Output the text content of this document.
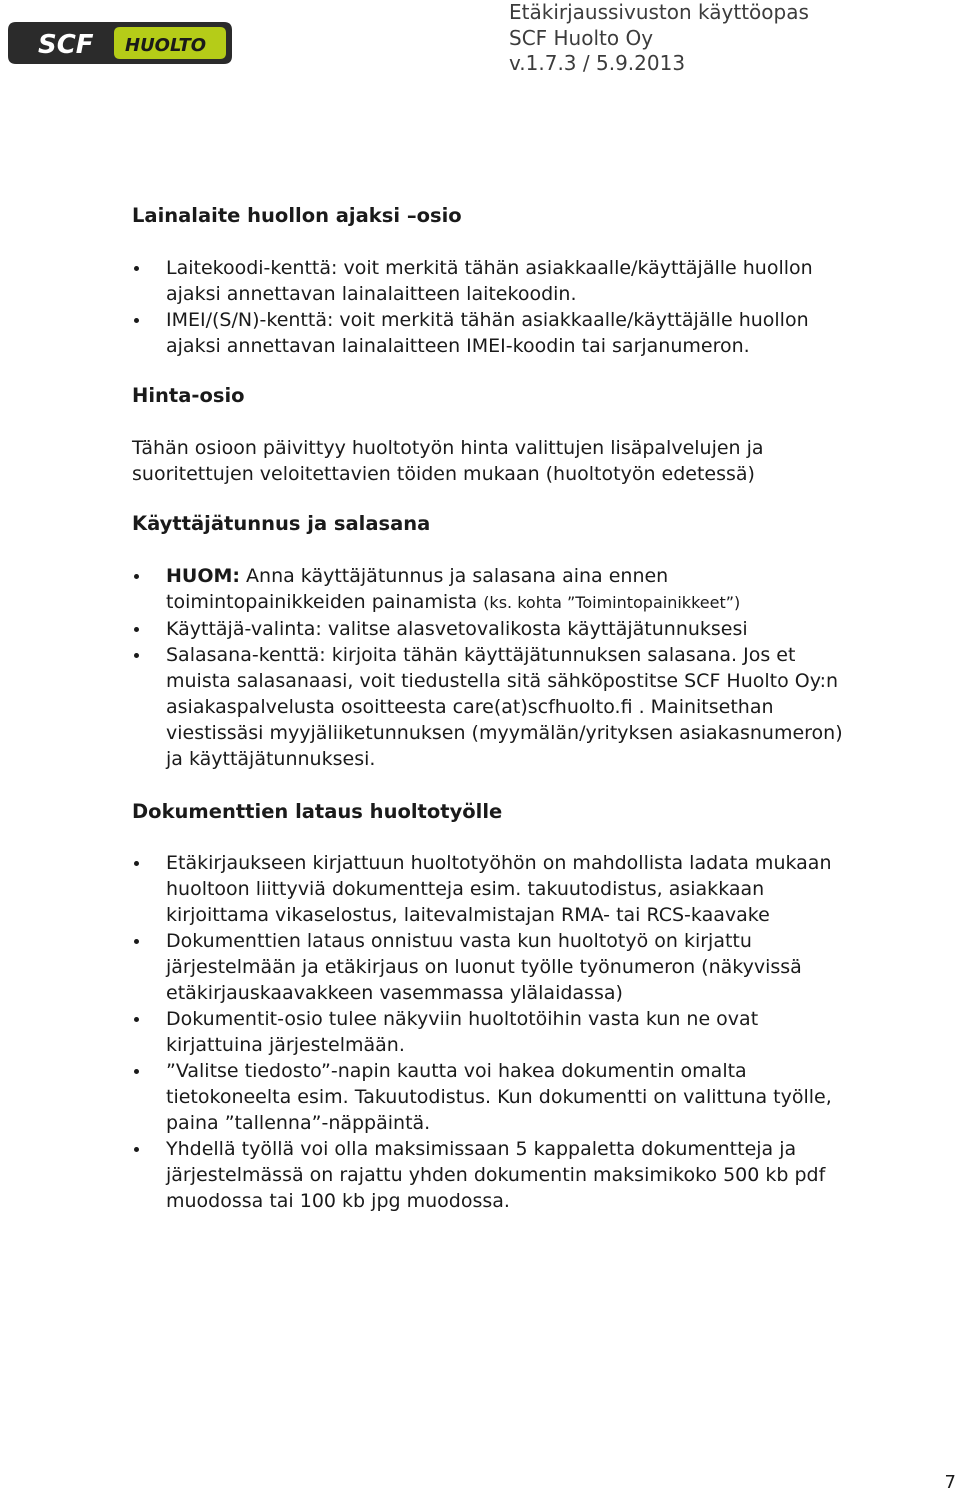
SCF HUOLTO
Etäkirjaussivuston käyttöopas
SCF Huolto Oy
v.1.7.3 / 5.9.2013
Lainalaite huollon ajaksi –osio
Laitekoodi-kenttä: voit merkitä tähän asiakkaalle/käyttäjälle huollon
ajaksi annettavan lainalaitteen laitekoodin.
IMEI/(S/N)-kenttä: voit merkitä tähän asiakkaalle/käyttäjälle huollon
ajaksi annettavan lainalaitteen IMEI-koodin tai sarjanumeron.
Hinta-osio

Tähän osioon päivittyy huoltotyön hinta valittujen lisäpalvelujen ja
suoritettujen veloitettavien töiden mukaan (huoltotyön edetessä)

Käyttäjätunnus ja salasana
HUOM: Anna käyttäjätunnus ja salasana aina ennen
toimintopainikkeiden painamista (ks. kohta ”Toimintopainikkeet”)
Käyttäjä-valinta: valitse alasvetovalikosta käyttäjätunnuksesi
Salasana-kenttä: kirjoita tähän käyttäjätunnuksen salasana. Jos et
muista salasanaasi, voit tiedustella sitä sähköpostitse SCF Huolto Oy:n
asiakaspalvelusta osoitteesta care(at)scfhuolto.fi . Mainitsethan
viestissäsi myyjäliiketunnuksen (myymälän/yrityksen asiakasnumeron)
ja käyttäjätunnuksesi.
Dokumenttien lataus huoltotyölle
Etäkirjaukseen kirjattuun huoltotyöhön on mahdollista ladata mukaan
huoltoon liittyviä dokumentteja esim. takuutodistus, asiakkaan
kirjoittama vikaselostus, laitevalmistajan RMA- tai RCS-kaavake
Dokumenttien lataus onnistuu vasta kun huoltotyö on kirjattu
järjestelmään ja etäkirjaus on luonut työlle työnumeron (näkyvissä
etäkirjauskaavakkeen vasemmassa ylälaidassa)
Dokumentit-osio tulee näkyviin huoltotöihin vasta kun ne ovat
kirjattuina järjestelmään.
”Valitse tiedosto”-napin kautta voi hakea dokumentin omalta
tietokoneelta esim. Takuutodistus. Kun dokumentti on valittuna työlle,
paina ”tallenna”-näppäintä.
Yhdellä työllä voi olla maksimissaan 5 kappaletta dokumentteja ja
järjestelmässä on rajattu yhden dokumentin maksimikoko 500 kb pdf
muodossa tai 100 kb jpg muodossa.
7
